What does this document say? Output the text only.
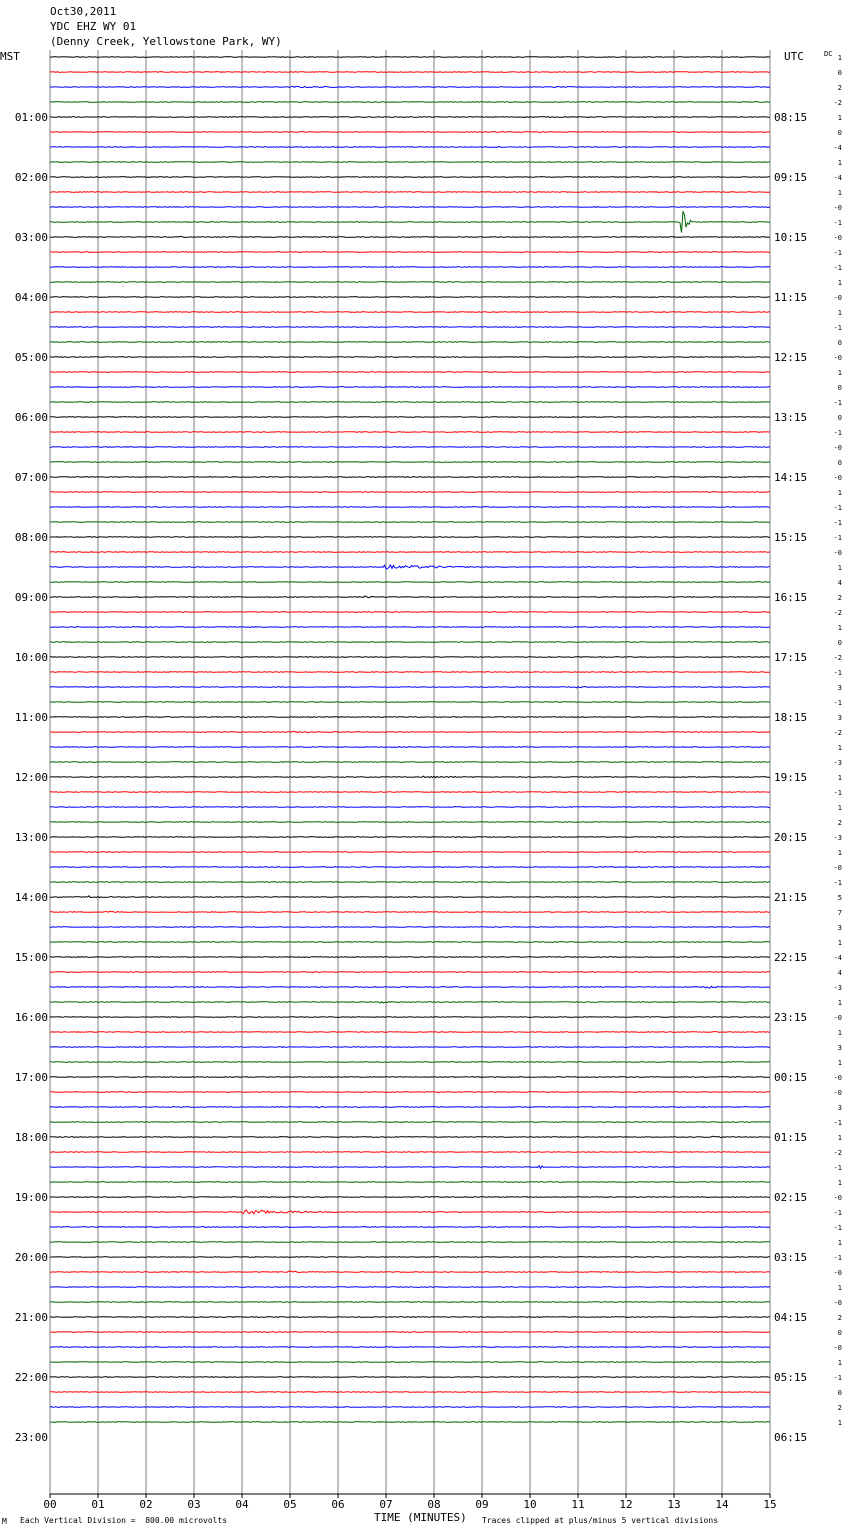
Oct30,2011
YDC EHZ WY 01
(Denny Creek, Yellowstone Park, WY)
MST	UTC	DC 1
0
2
-2
1
0
-4
1
-4
1
-0
-1
-0
-1
-1
1
-0
1
-1
0
-0
1
0
-1
0
-1
-0
0
-0
1
-1
-1
-1
-0
1
4
2
-2
1
0
-2
-1
3
-1
3
-2
1
-3
1
-1
1
2
-3
1
-0
-1
5
7
3
1
-4
4
-3
1
-0
1
3
1
-0
-0
3
-1
1
-2
-1
1
-0
-1
-1
1
-1
-0
1
-0
2
0
-0
1
-1
0
2
1
01:00	08:15
02:00	09:15
03:00	10:15
04:00	11:15
05:00	12:15
06:00	13:15
07:00	14:15
08:00	15:15
09:00	16:15
10:00	17:15
11:00	18:15
12:00	19:15
13:00	20:15
14:00	21:15
15:00	22:15
16:00	23:15
17:00	00:15
18:00	01:15
19:00	02:15
20:00	03:15
21:00	04:15
22:00	05:15
23:00	06:15
00	01	02	03	04	05	06	07	08	09	10	11	12	13	14	15
M Each Vertical Division =  800.00 microvolts	TIME (MINUTES) Traces clipped at plus/minus 5 vertical divisions
